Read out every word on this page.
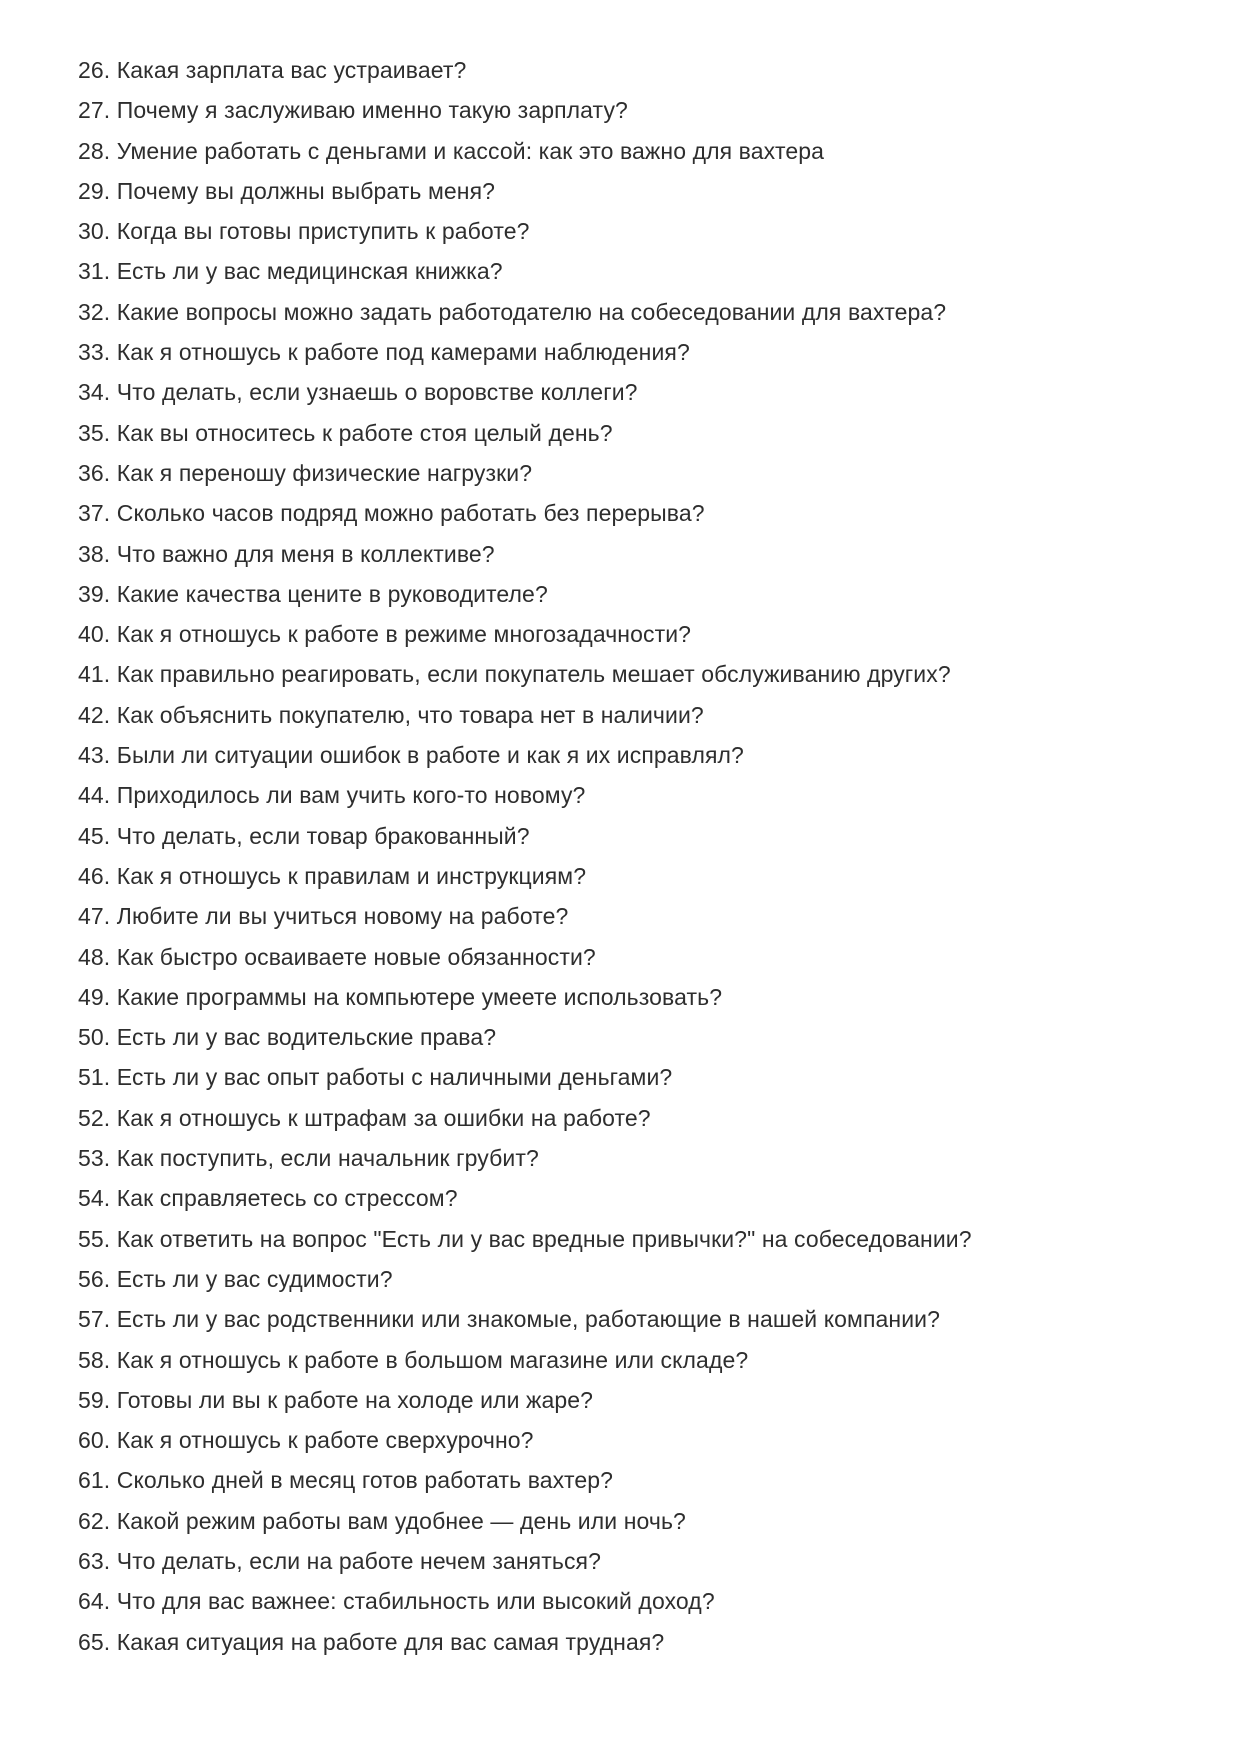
26. Какая зарплата вас устраивает?
27. Почему я заслуживаю именно такую зарплату?
28. Умение работать с деньгами и кассой: как это важно для вахтера
29. Почему вы должны выбрать меня?
30. Когда вы готовы приступить к работе?
31. Есть ли у вас медицинская книжка?
32. Какие вопросы можно задать работодателю на собеседовании для вахтера?
33. Как я отношусь к работе под камерами наблюдения?
34. Что делать, если узнаешь о воровстве коллеги?
35. Как вы относитесь к работе стоя целый день?
36. Как я переношу физические нагрузки?
37. Сколько часов подряд можно работать без перерыва?
38. Что важно для меня в коллективе?
39. Какие качества цените в руководителе?
40. Как я отношусь к работе в режиме многозадачности?
41. Как правильно реагировать, если покупатель мешает обслуживанию других?
42. Как объяснить покупателю, что товара нет в наличии?
43. Были ли ситуации ошибок в работе и как я их исправлял?
44. Приходилось ли вам учить кого-то новому?
45. Что делать, если товар бракованный?
46. Как я отношусь к правилам и инструкциям?
47. Любите ли вы учиться новому на работе?
48. Как быстро осваиваете новые обязанности?
49. Какие программы на компьютере умеете использовать?
50. Есть ли у вас водительские права?
51. Есть ли у вас опыт работы с наличными деньгами?
52. Как я отношусь к штрафам за ошибки на работе?
53. Как поступить, если начальник грубит?
54. Как справляетесь со стрессом?
55. Как ответить на вопрос "Есть ли у вас вредные привычки?" на собеседовании?
56. Есть ли у вас судимости?
57. Есть ли у вас родственники или знакомые, работающие в нашей компании?
58. Как я отношусь к работе в большом магазине или складе?
59. Готовы ли вы к работе на холоде или жаре?
60. Как я отношусь к работе сверхурочно?
61. Сколько дней в месяц готов работать вахтер?
62. Какой режим работы вам удобнее — день или ночь?
63. Что делать, если на работе нечем заняться?
64. Что для вас важнее: стабильность или высокий доход?
65. Какая ситуация на работе для вас самая трудная?
